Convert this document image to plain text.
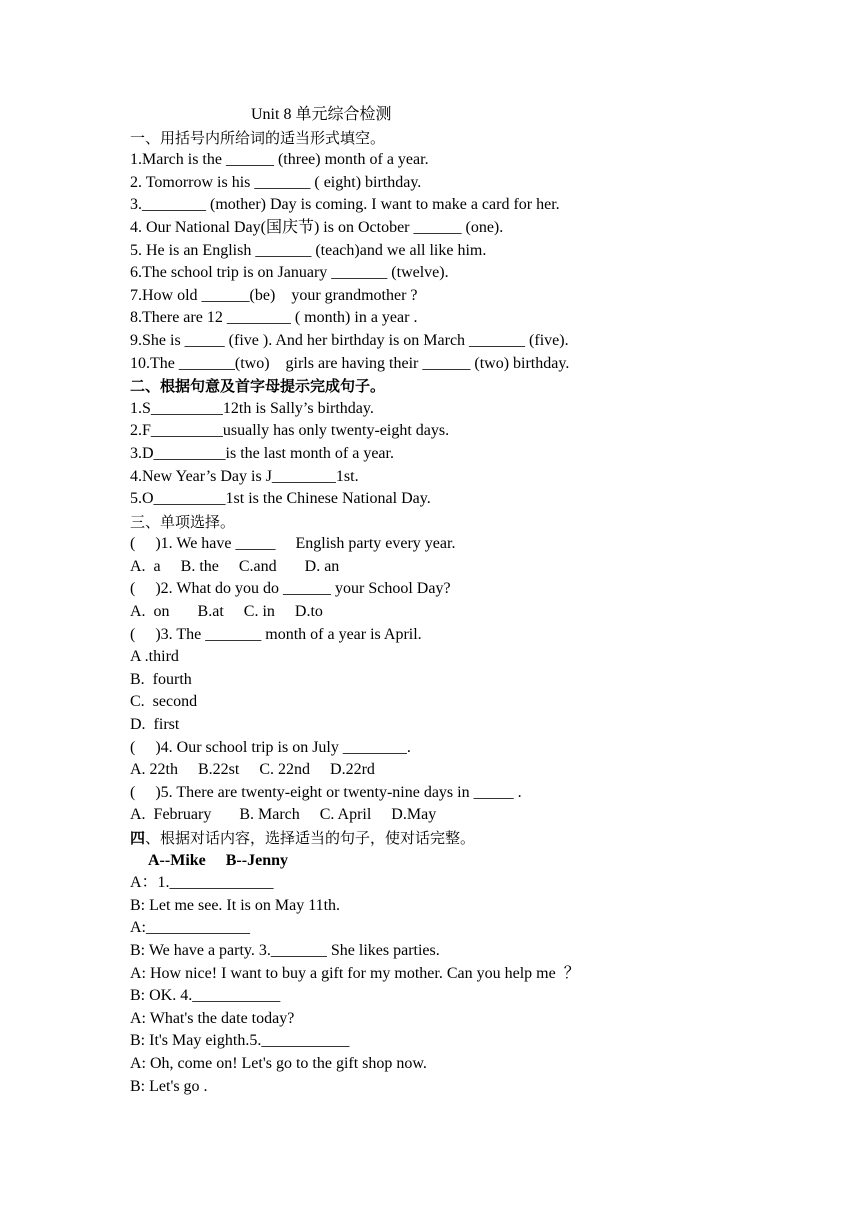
Unit 8 单元综合检测
一、用括号内所给词的适当形式填空。
1.March is the ______ (three) month of a year.
2. Tomorrow is his _______ ( eight) birthday.
3.________ (mother) Day is coming. I want to make a card for her.
4. Our National Day(国庆节) is on October ______ (one).
5. He is an English _______ (teach)and we all like him.
6.The school trip is on January _______ (twelve).
7.How old ______(be)    your grandmother ?
8.There are 12 ________ ( month) in a year .
9.She is _____ (five ). And her birthday is on March _______ (five).
10.The _______(two)    girls are having their ______ (two) birthday.
二、根据句意及首字母提示完成句子。
1.S_________12th is Sally’s birthday.
2.F_________usually has only twenty-eight days.
3.D_________is the last month of a year.
4.New Year’s Day is J________1st.
5.O_________1st is the Chinese National Day.
三、单项选择。
(     )1. We have _____     English party every year.
A.  a     B. the     C.and       D. an
(     )2. What do you do ______ your School Day?
A.  on       B.at     C. in     D.to
(     )3. The _______ month of a year is April.
A .third
B.  fourth
C.  second
D.  first
(     )4. Our school trip is on July ________.
A. 22th     B.22st     C. 22nd     D.22rd
(     )5. There are twenty-eight or twenty-nine days in _____ .
A.  February       B. March     C. April     D.May
四、根据对话内容，选择适当的句子，使对话完整。
A--Mike     B--Jenny
A：1._____________
B: Let me see. It is on May 11th.
A:_____________
B: We have a party. 3._______ She likes parties.
A: How nice! I want to buy a gift for my mother. Can you help me  ？
B: OK. 4.___________
A: What's the date today?
B: It's May eighth.5.___________
A: Oh, come on! Let's go to the gift shop now.
B: Let's go .
